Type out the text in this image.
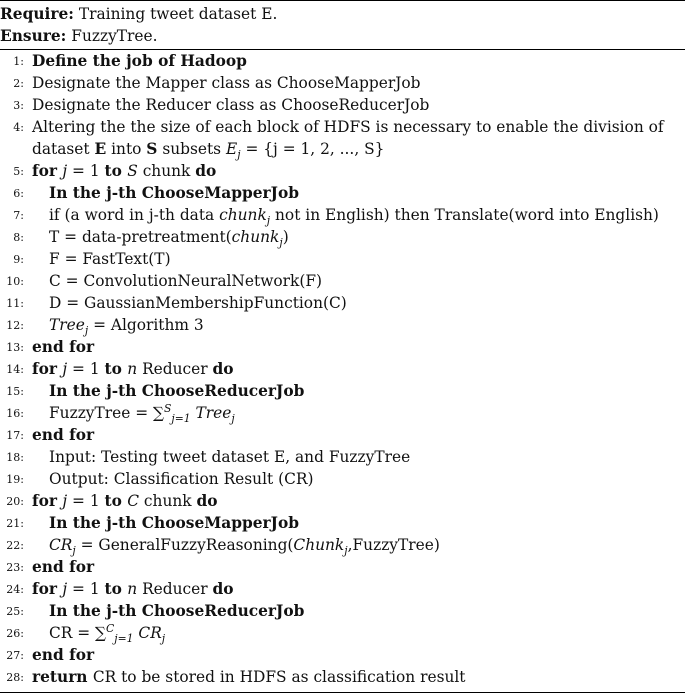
Require: Training tweet dataset E.
Ensure: FuzzyTree.
1: Define the job of Hadoop
2: Designate the Mapper class as ChooseMapperJob
3: Designate the Reducer class as ChooseReducerJob
4: Altering the the size of each block of HDFS is necessary to enable the division of dataset E into S subsets $E_j = \{j = 1$, 2, ..., S}
5: for j = 1 to S chunk do
6: In the j-th ChooseMapperJob
7: if (a word in j-th data chunk$_j$ not in English) then Translate(word into English)
8: T = data-pretreatment(chunk$_j$)
9: F = FastText(T)
10: C = ConvolutionNeuralNetwork(F)
11: D = GaussianMembershipFunction(C)
12: Tree$_j$ = Algorithm 3
13: end for
14: for j = 1 to n Reducer do
15: In the j-th ChooseReducerJob
16: FuzzyTree = ∑$^S_{j=1}$ Tree$_j$
17: end for
18: Input: Testing tweet dataset E, and FuzzyTree
19: Output: Classification Result (CR)
20: for j = 1 to C chunk do
21: In the j-th ChooseMapperJob
22: $CR_j$ = GeneralFuzzyReasoning(Chunk$_j$,FuzzyTree)
23: end for
24: for j = 1 to n Reducer do
25: In the j-th ChooseReducerJob
26: CR = ∑$^C_{j=1}$ $CR_j$
27: end for
28: return CR to be stored in HDFS as classification result
